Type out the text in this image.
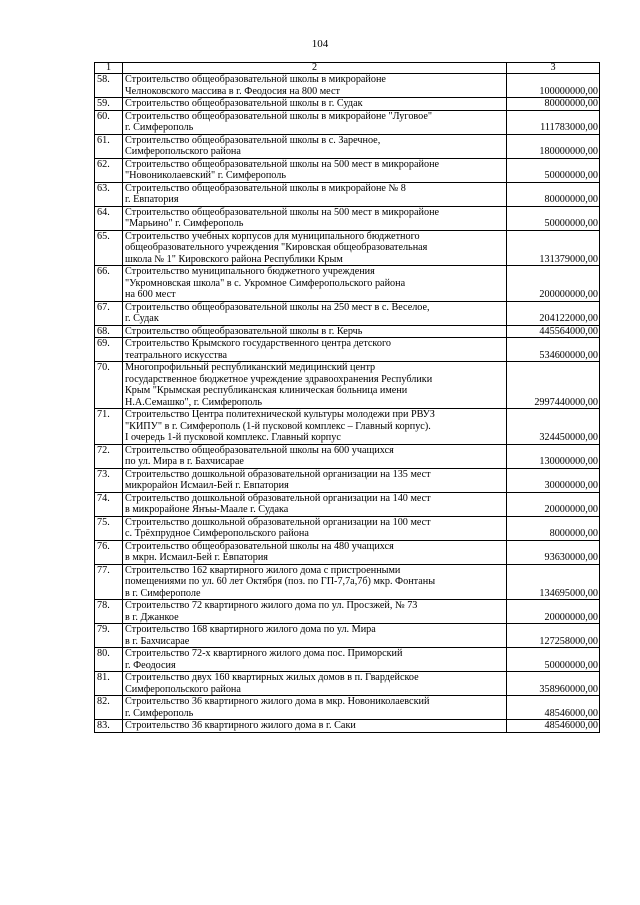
104
1	2	3
58.	Строительство общеобразовательной школы в микрорайоне
Челноковского массива в г. Феодосия на 800 мест	100000000,00
59.	Строительство общеобразовательной школы в г. Судак	80000000,00
60.	Строительство общеобразовательной школы в микрорайоне "Луговое"
г. Симферополь	111783000,00
61.	Строительство общеобразовательной школы в с. Заречное,
Симферопольского района	180000000,00
62.	Строительство общеобразовательной школы на 500 мест в микрорайоне
"Новониколаевский" г. Симферополь	50000000,00
63.	Строительство общеобразовательной школы в микрорайоне № 8
г. Евпатория	80000000,00
64.	Строительство общеобразовательной школы на 500 мест в микрорайоне
"Марьино" г. Симферополь	50000000,00
65.	Строительство учебных корпусов для муниципального бюджетного
общеобразовательного учреждения "Кировская общеобразовательная
школа № 1" Кировского района Республики Крым	131379000,00
66.	Строительство муниципального бюджетного учреждения
"Укромновская школа" в с. Укромное Симферопольского района
на 600 мест	200000000,00
67.	Строительство общеобразовательной школы на 250 мест в с. Веселое,
г. Судак	204122000,00
68.	Строительство общеобразовательной школы в г. Керчь	445564000,00
69.	Строительство Крымского государственного центра детского
театрального искусства	534600000,00
70.	Многопрофильный республиканский медицинский центр
государственное бюджетное учреждение здравоохранения Республики
Крым "Крымская республиканская клиническая больница имени
Н.А.Семашко", г. Симферополь	2997440000,00
71.	Строительство Центра политехнической культуры молодежи при РВУЗ
"КИПУ" в г. Симферополь (1-й пусковой комплекс – Главный корпус).
I очередь 1-й пусковой комплекс. Главный корпус	324450000,00
72.	Строительство общеобразовательной школы на 600 учащихся
по ул. Мира в г. Бахчисарае	130000000,00
73.	Строительство дошкольной образовательной организации на 135 мест
микрорайон Исмаил-Бей г. Евпатория	30000000,00
74.	Строительство дошкольной образовательной организации на 140 мест
в микрорайоне Янъы-Маале г. Судака	20000000,00
75.	Строительство дошкольной образовательной организации на 100 мест
с. Трёхпрудное Симферопольского района	8000000,00
76.	Строительство общеобразовательной школы на 480 учащихся
в мкрн. Исмаил-Бей г. Евпатория	93630000,00
77.	Строительство 162 квартирного жилого дома с пристроенными
помещениями по ул. 60 лет Октября (поз. по ГП-7,7а,7б) мкр. Фонтаны
в г. Симферополе	134695000,00
78.	Строительство 72 квартирного жилого дома по ул. Просзжей, № 73
в г. Джанкое	20000000,00
79.	Строительство 168 квартирного жилого дома по ул. Мира
в г. Бахчисарае	127258000,00
80.	Строительство 72-х квартирного жилого дома пос. Приморский
г. Феодосия	50000000,00
81.	Строительство двух 160 квартирных жилых домов в п. Гвардейское
Симферопольского района	358960000,00
82.	Строительство 36 квартирного жилого дома в мкр. Новониколаевский
г. Симферополь	48546000,00
83.	Строительство 36 квартирного жилого дома в г. Саки	48546000,00
